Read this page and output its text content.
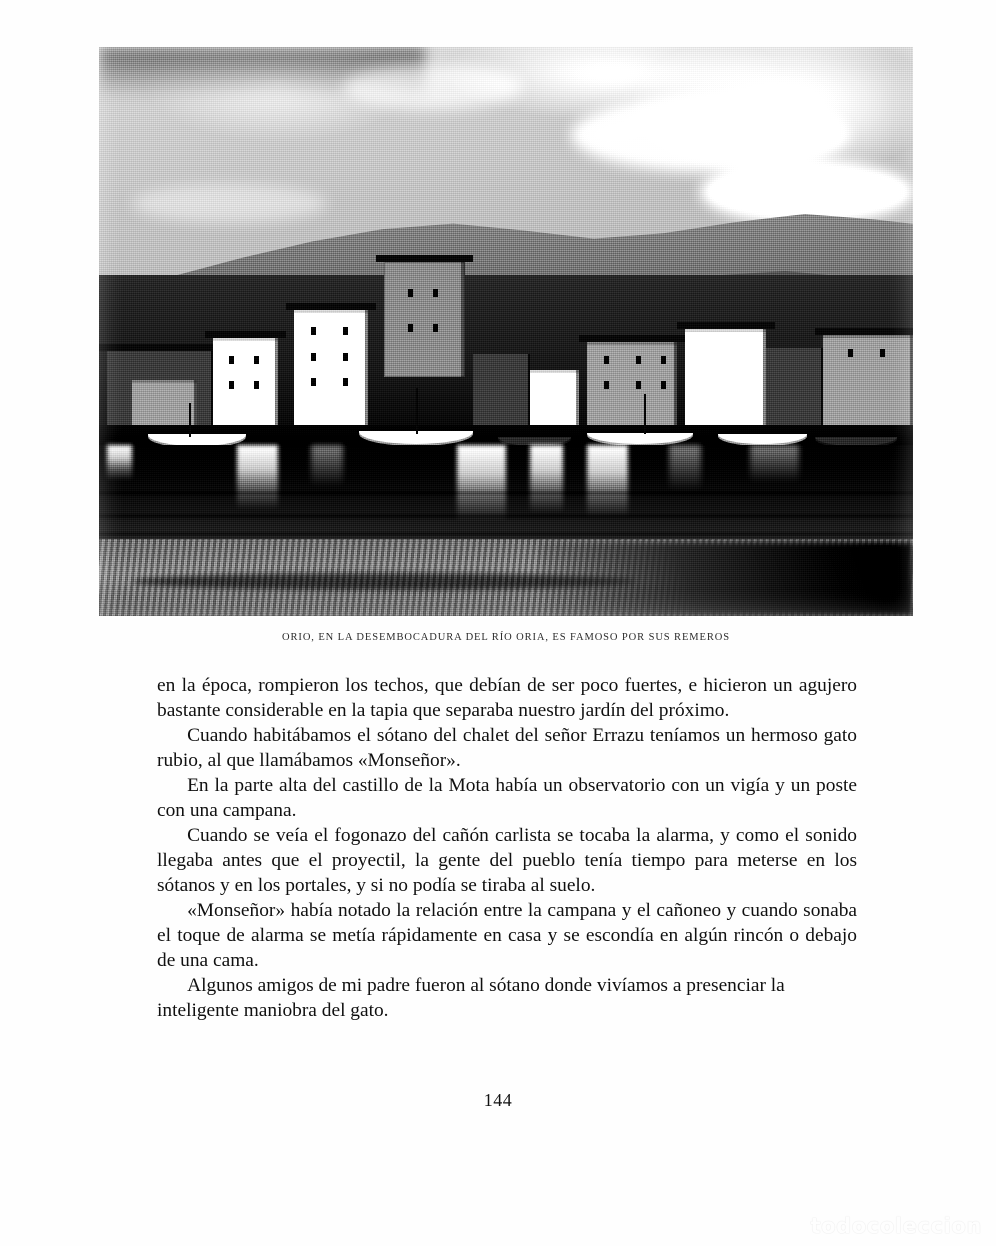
ORIO, EN LA DESEMBOCADURA DEL RÍO ORIA, ES FAMOSO POR SUS REMEROS

en la época, rompieron los techos, que debían de ser poco fuertes, e hicieron un agujero bastante considerable en la tapia que separaba nuestro jardín del próximo.

Cuando habitábamos el sótano del chalet del señor Errazu teníamos un hermoso gato rubio, al que llamábamos «Monseñor».

En la parte alta del castillo de la Mota había un observatorio con un vigía y un poste con una campana.

Cuando se veía el fogonazo del cañón carlista se tocaba la alarma, y como el sonido llegaba antes que el proyectil, la gente del pueblo tenía tiempo para meterse en los sótanos y en los portales, y si no podía se tiraba al suelo.

«Monseñor» había notado la relación entre la campana y el cañoneo y cuando sonaba el toque de alarma se metía rápidamente en casa y se escondía en algún rincón o debajo de una cama.

Algunos amigos de mi padre fueron al sótano donde vivíamos a presenciar la inteligente maniobra del gato.

144
todocoleccion
